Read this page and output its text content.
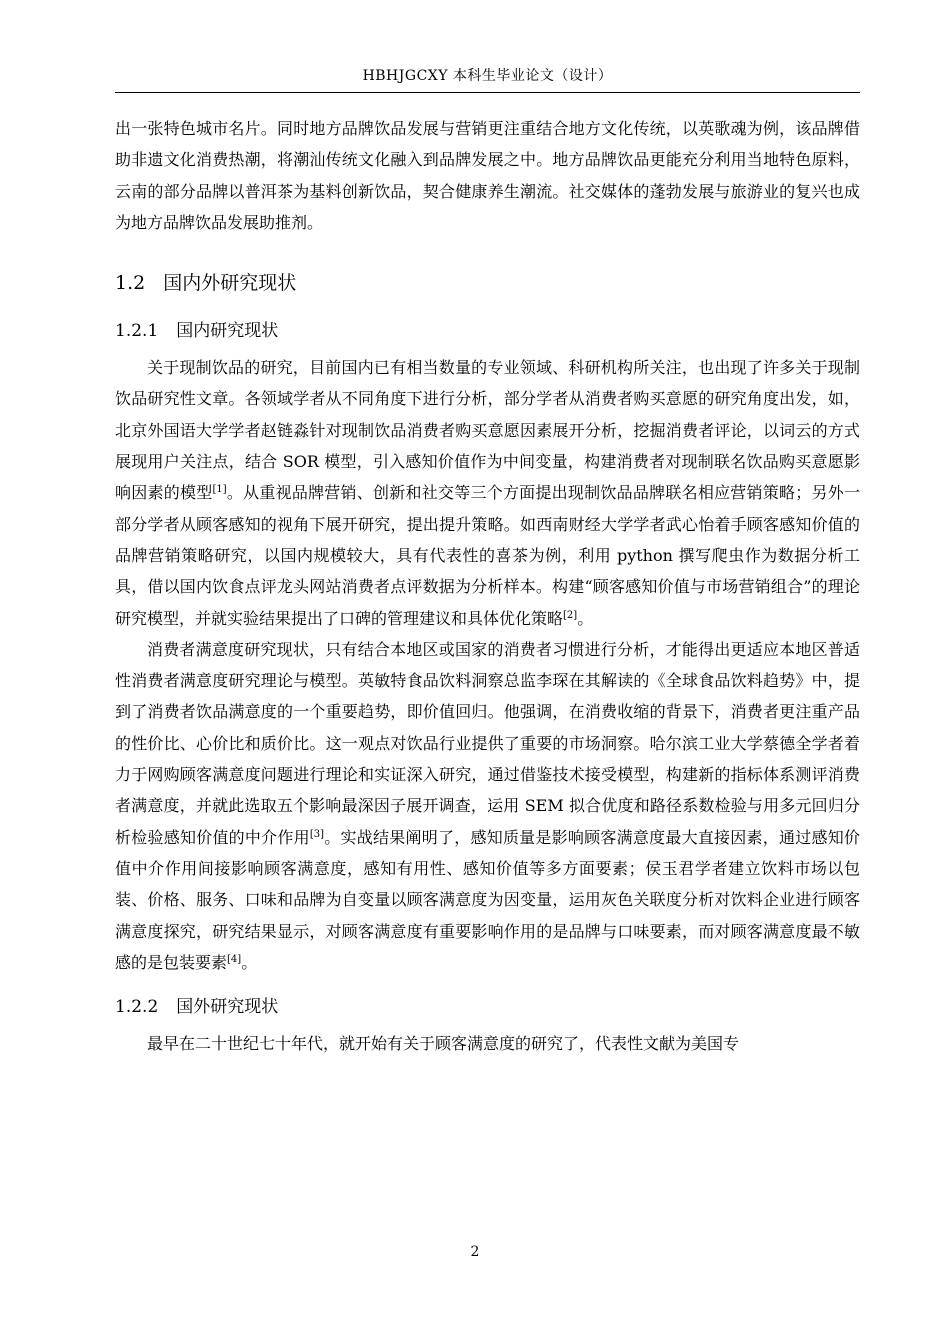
HBHJGCXY 本科生毕业论文（设计）

出一张特色城市名片。同时地方品牌饮品发展与营销更注重结合地方文化传统，以英歌魂为例，该品牌借助非遗文化消费热潮，将潮汕传统文化融入到品牌发展之中。地方品牌饮品更能充分利用当地特色原料，云南的部分品牌以普洱茶为基料创新饮品，契合健康养生潮流。社交媒体的蓬勃发展与旅游业的复兴也成为地方品牌饮品发展助推剂。

1.2 国内外研究现状
1.2.1 国内研究现状

关于现制饮品的研究，目前国内已有相当数量的专业领域、科研机构所关注，也出现了许多关于现制饮品研究性文章。各领域学者从不同角度下进行分析，部分学者从消费者购买意愿的研究角度出发，如，北京外国语大学学者赵链淼针对现制饮品消费者购买意愿因素展开分析，挖掘消费者评论，以词云的方式展现用户关注点，结合 SOR 模型，引入感知价值作为中间变量，构建消费者对现制联名饮品购买意愿影响因素的模型[1]。从重视品牌营销、创新和社交等三个方面提出现制饮品品牌联名相应营销策略；另外一部分学者从顾客感知的视角下展开研究，提出提升策略。如西南财经大学学者武心怡着手顾客感知价值的品牌营销策略研究，以国内规模较大，具有代表性的喜茶为例，利用 python 撰写爬虫作为数据分析工具，借以国内饮食点评龙头网站消费者点评数据为分析样本。构建“顾客感知价值与市场营销组合”的理论研究模型，并就实验结果提出了口碑的管理建议和具体优化策略[2]。

消费者满意度研究现状，只有结合本地区或国家的消费者习惯进行分析，才能得出更适应本地区普适性消费者满意度研究理论与模型。英敏特食品饮料洞察总监李琛在其解读的《全球食品饮料趋势》中，提到了消费者饮品满意度的一个重要趋势，即价值回归。他强调，在消费收缩的背景下，消费者更注重产品的性价比、心价比和质价比。这一观点对饮品行业提供了重要的市场洞察。哈尔滨工业大学蔡德全学者着力于网购顾客满意度问题进行理论和实证深入研究，通过借鉴技术接受模型，构建新的指标体系测评消费者满意度，并就此选取五个影响最深因子展开调查，运用 SEM 拟合优度和路径系数检验与用多元回归分析检验感知价值的中介作用[3]。实战结果阐明了，感知质量是影响顾客满意度最大直接因素，通过感知价值中介作用间接影响顾客满意度，感知有用性、感知价值等多方面要素；侯玉君学者建立饮料市场以包装、价格、服务、口味和品牌为自变量以顾客满意度为因变量，运用灰色关联度分析对饮料企业进行顾客满意度探究，研究结果显示，对顾客满意度有重要影响作用的是品牌与口味要素，而对顾客满意度最不敏感的是包装要素[4]。

1.2.2 国外研究现状

最早在二十世纪七十年代，就开始有关于顾客满意度的研究了，代表性文献为美国专

2
